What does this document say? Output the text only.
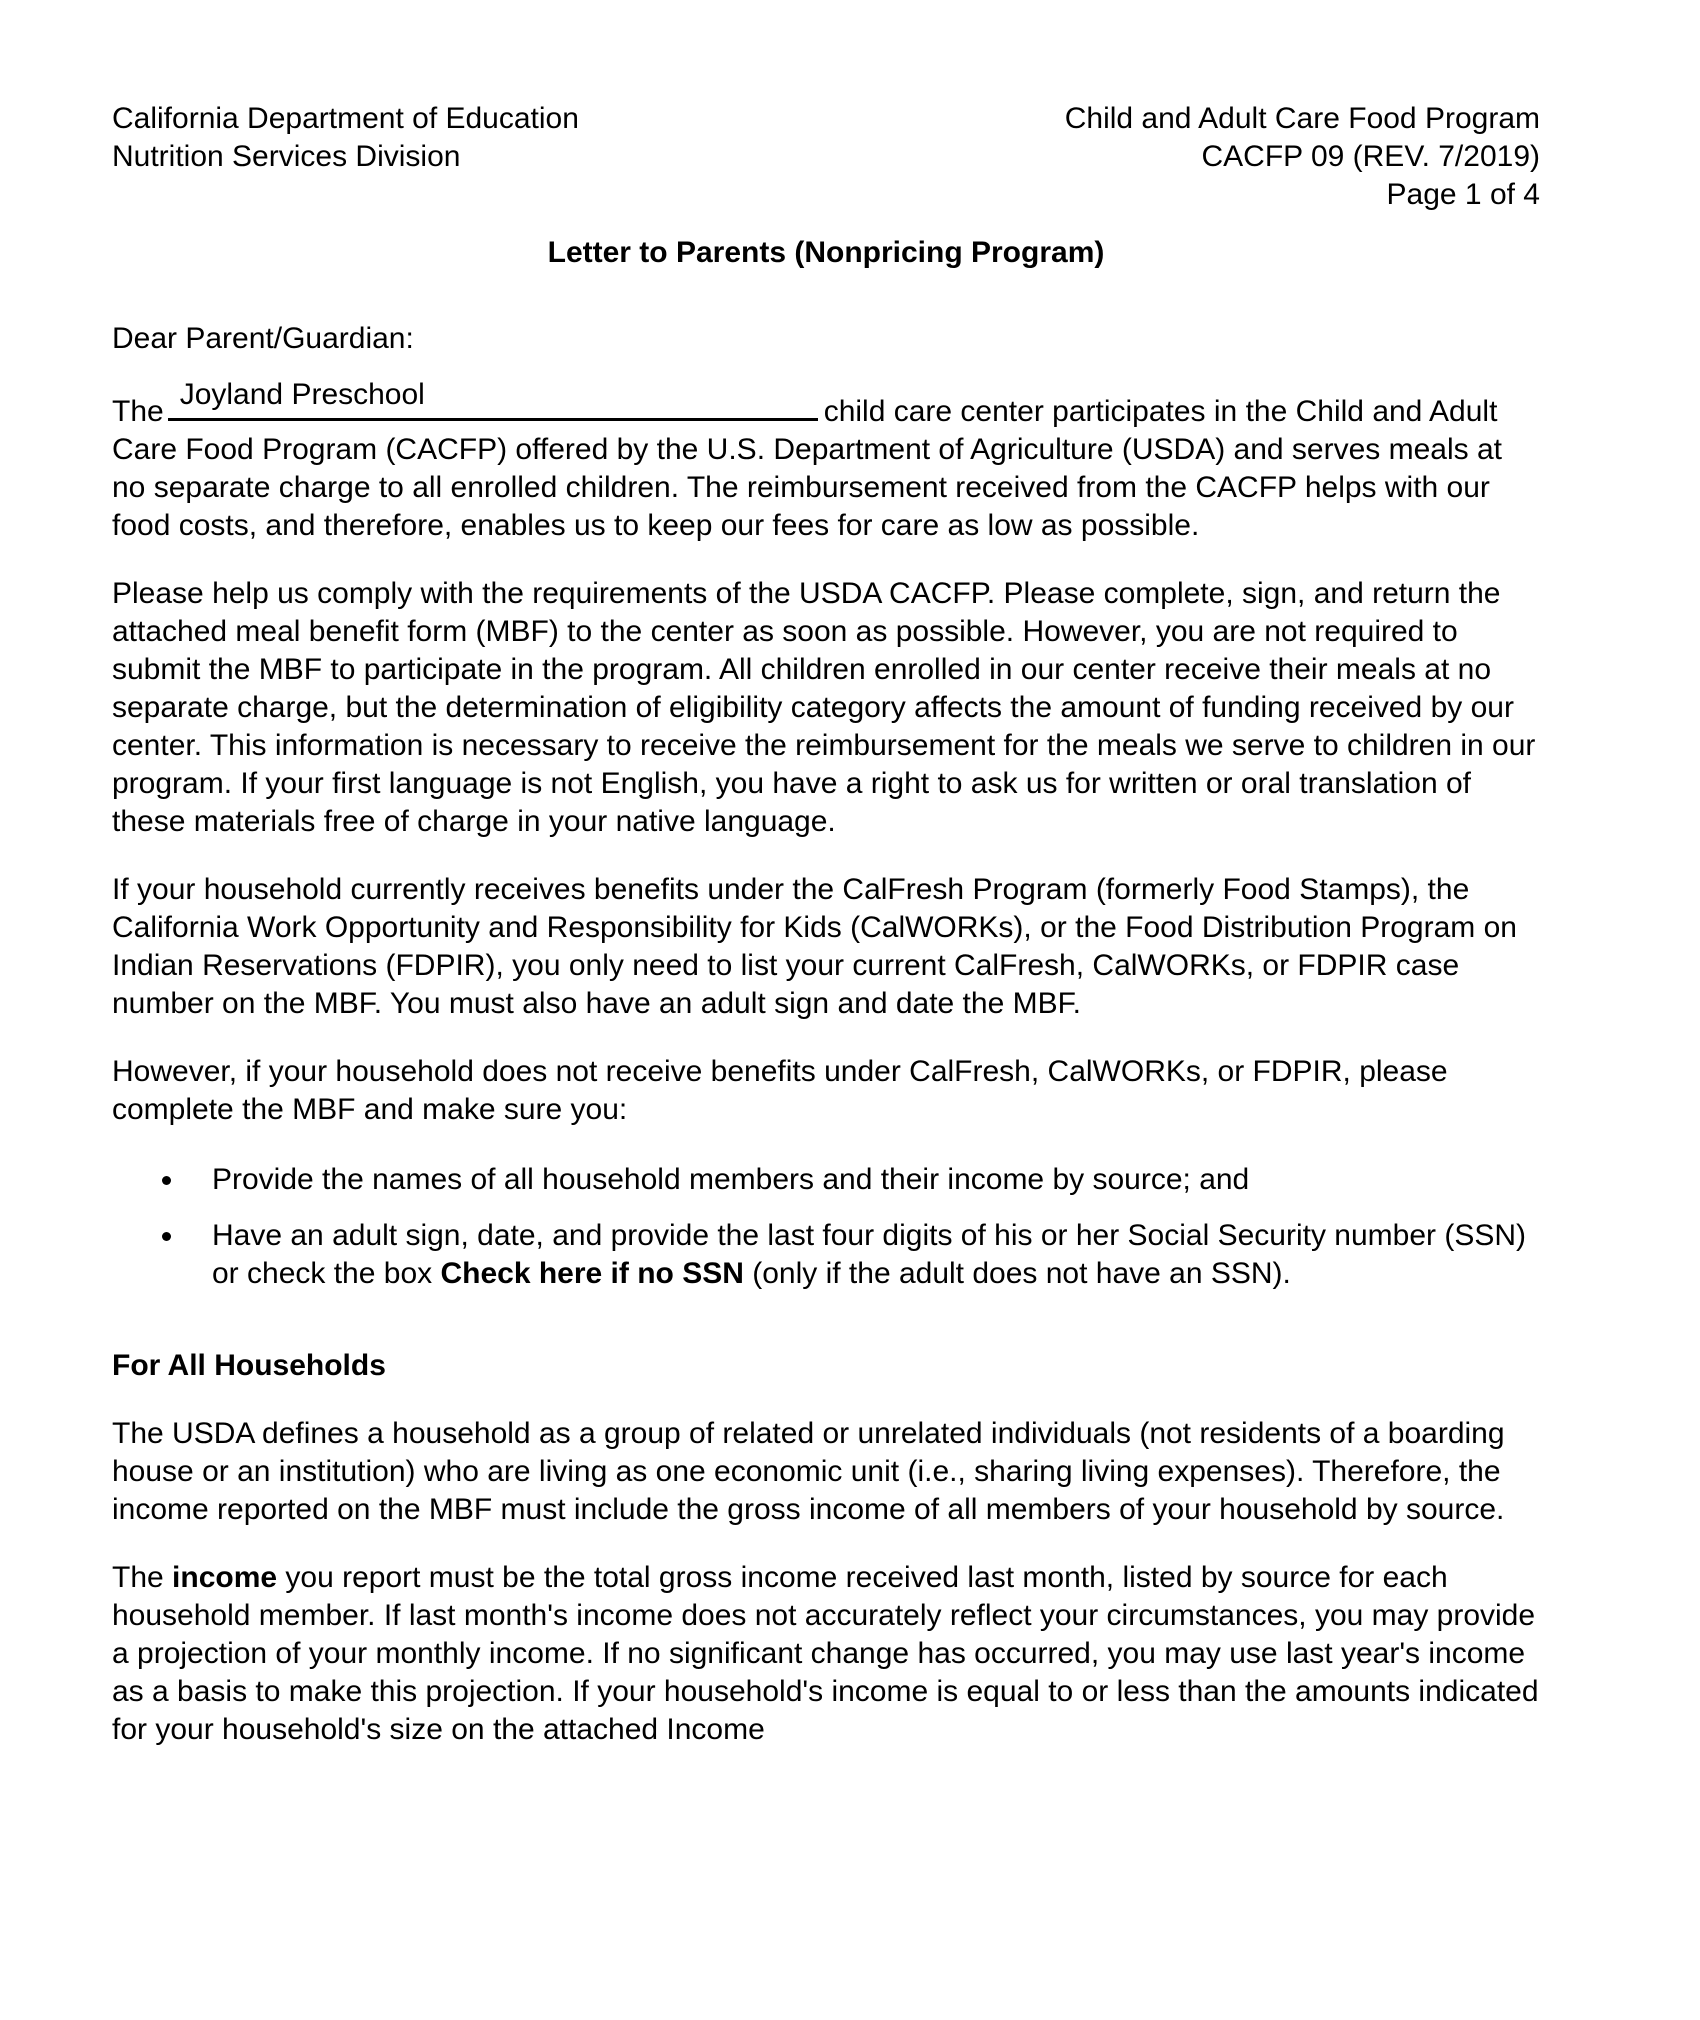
California Department of Education
Nutrition Services Division
Child and Adult Care Food Program
CACFP 09 (REV. 7/2019)
Page 1 of 4
Letter to Parents (Nonpricing Program)

Dear Parent/Guardian:

The
Joyland Preschool
child care center participates in the Child and Adult Care Food Program (CACFP) offered by the U.S. Department of Agriculture (USDA) and serves meals at no separate charge to all enrolled children. The reimbursement received from the CACFP helps with our food costs, and therefore, enables us to keep our fees for care as low as possible.

Please help us comply with the requirements of the USDA CACFP. Please complete, sign, and return the attached meal benefit form (MBF) to the center as soon as possible. However, you are not required to submit the MBF to participate in the program. All children enrolled in our center receive their meals at no separate charge, but the determination of eligibility category affects the amount of funding received by our center. This information is necessary to receive the reimbursement for the meals we serve to children in our program. If your first language is not English, you have a right to ask us for written or oral translation of these materials free of charge in your native language.

If your household currently receives benefits under the CalFresh Program (formerly Food Stamps), the California Work Opportunity and Responsibility for Kids (CalWORKs), or the Food Distribution Program on Indian Reservations (FDPIR), you only need to list your current CalFresh, CalWORKs, or FDPIR case number on the MBF. You must also have an adult sign and date the MBF.

However, if your household does not receive benefits under CalFresh, CalWORKs, or FDPIR, please complete the MBF and make sure you:

Provide the names of all household members and their income by source; and
Have an adult sign, date, and provide the last four digits of his or her Social Security number (SSN) or check the box Check here if no SSN (only if the adult does not have an SSN).

For All Households

The USDA defines a household as a group of related or unrelated individuals (not residents of a boarding house or an institution) who are living as one economic unit (i.e., sharing living expenses). Therefore, the income reported on the MBF must include the gross income of all members of your household by source.

The income you report must be the total gross income received last month, listed by source for each household member. If last month's income does not accurately reflect your circumstances, you may provide a projection of your monthly income. If no significant change has occurred, you may use last year's income as a basis to make this projection. If your household's income is equal to or less than the amounts indicated for your household's size on the attached Income
